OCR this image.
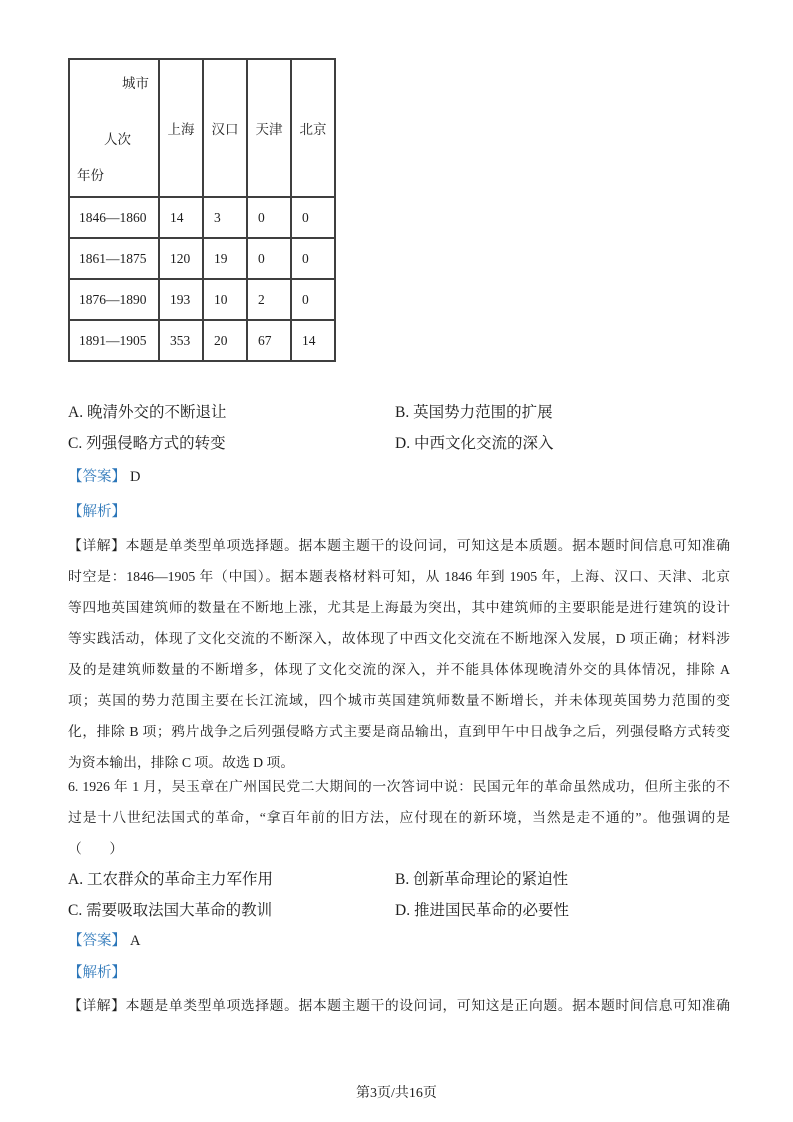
城市
人次
年份	上海	汉口	天津	北京
1846—1860	14	3	0	0
1861—1875	120	19	0	0
1876—1890	193	10	2	0
1891—1905	353	20	67	14
A. 晚清外交的不断退让	B. 英国势力范围的扩展
C. 列强侵略方式的转变	D. 中西文化交流的深入
【答案】 D
【解析】
【详解】本题是单类型单项选择题。据本题主题干的设问词，可知这是本质题。据本题时间信息可知准确
时空是：1846—1905 年（中国）。据本题表格材料可知，从 1846 年到 1905 年，上海、汉口、天津、北京
等四地英国建筑师的数量在不断地上涨，尤其是上海最为突出，其中建筑师的主要职能是进行建筑的设计
等实践活动，体现了文化交流的不断深入，故体现了中西文化交流在不断地深入发展，D 项正确；材料涉
及的是建筑师数量的不断增多，体现了文化交流的深入，并不能具体体现晚清外交的具体情况，排除 A
项；英国的势力范围主要在长江流域，四个城市英国建筑师数量不断增长，并未体现英国势力范围的变
化，排除 B 项；鸦片战争之后列强侵略方式主要是商品输出，直到甲午中日战争之后，列强侵略方式转变
为资本输出，排除 C 项。故选 D 项。
6. 1926 年 1 月，吴玉章在广州国民党二大期间的一次答词中说：民国元年的革命虽然成功，但所主张的不
过是十八世纪法国式的革命，“拿百年前的旧方法，应付现在的新环境，当然是走不通的”。他强调的是
（　　）
A. 工农群众的革命主力军作用	B. 创新革命理论的紧迫性
C. 需要吸取法国大革命的教训	D. 推进国民革命的必要性
【答案】 A
【解析】
【详解】本题是单类型单项选择题。据本题主题干的设问词，可知这是正向题。据本题时间信息可知准确
第3页/共16页
